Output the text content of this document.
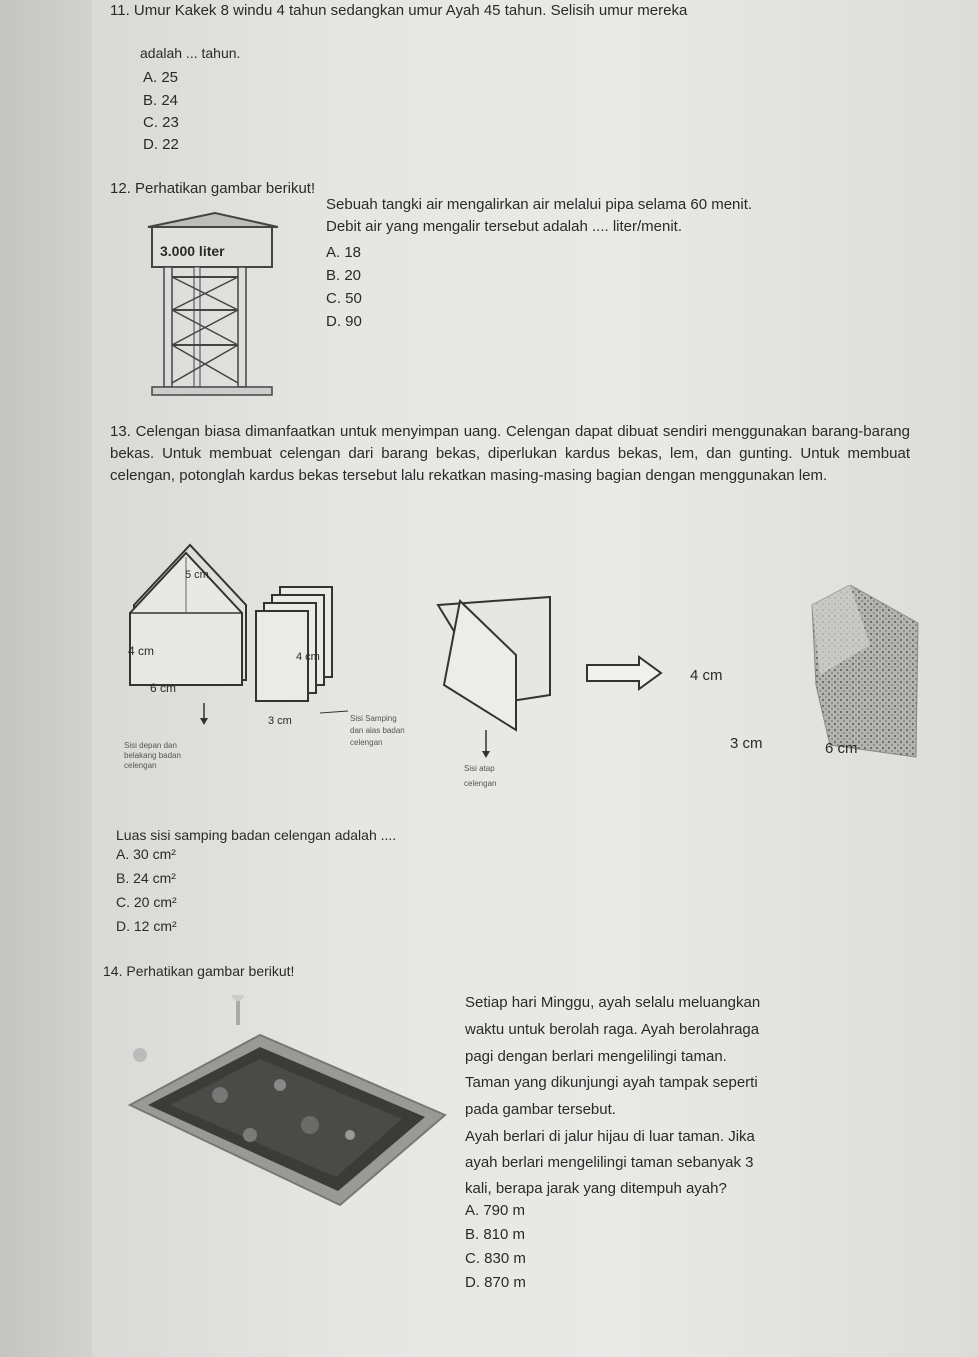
11. Umur Kakek 8 windu 4 tahun sedangkan umur Ayah 45 tahun. Selisih umur mereka
adalah ... tahun.
A. 25
B. 24
C. 23
D. 22
12. Perhatikan gambar berikut!
Sebuah tangki air mengalirkan air melalui pipa selama 60 menit.
Debit air yang mengalir tersebut adalah .... liter/menit.
A. 18
B. 20
C. 50
D. 90
3.000 liter
13. Celengan biasa dimanfaatkan untuk menyimpan uang. Celengan dapat dibuat sendiri menggunakan barang-barang bekas. Untuk membuat celengan dari barang bekas, diperlukan kardus bekas, lem, dan gunting. Untuk membuat celengan, potonglah kardus bekas tersebut lalu rekatkan masing-masing bagian dengan menggunakan lem.
5 cm
4 cm
6 cm
4 cm
3 cm
Sisi depan dan
belakang badan
celengan
Sisi Samping
dan alas badan
celengan
Sisi atap
celengan
4 cm
3 cm	6 cm
Luas sisi samping badan celengan adalah ....
A. 30 cm²
B. 24 cm²
C. 20 cm²
D. 12 cm²
14. Perhatikan gambar berikut!
Setiap hari Minggu, ayah selalu meluangkan
waktu untuk berolah raga. Ayah berolahraga
pagi dengan berlari mengelilingi taman.
Taman yang dikunjungi ayah tampak seperti
pada gambar tersebut.
Ayah berlari di jalur hijau di luar taman. Jika
ayah berlari mengelilingi taman sebanyak 3
kali, berapa jarak yang ditempuh ayah?
A. 790 m
B. 810 m
C. 830 m
D. 870 m
